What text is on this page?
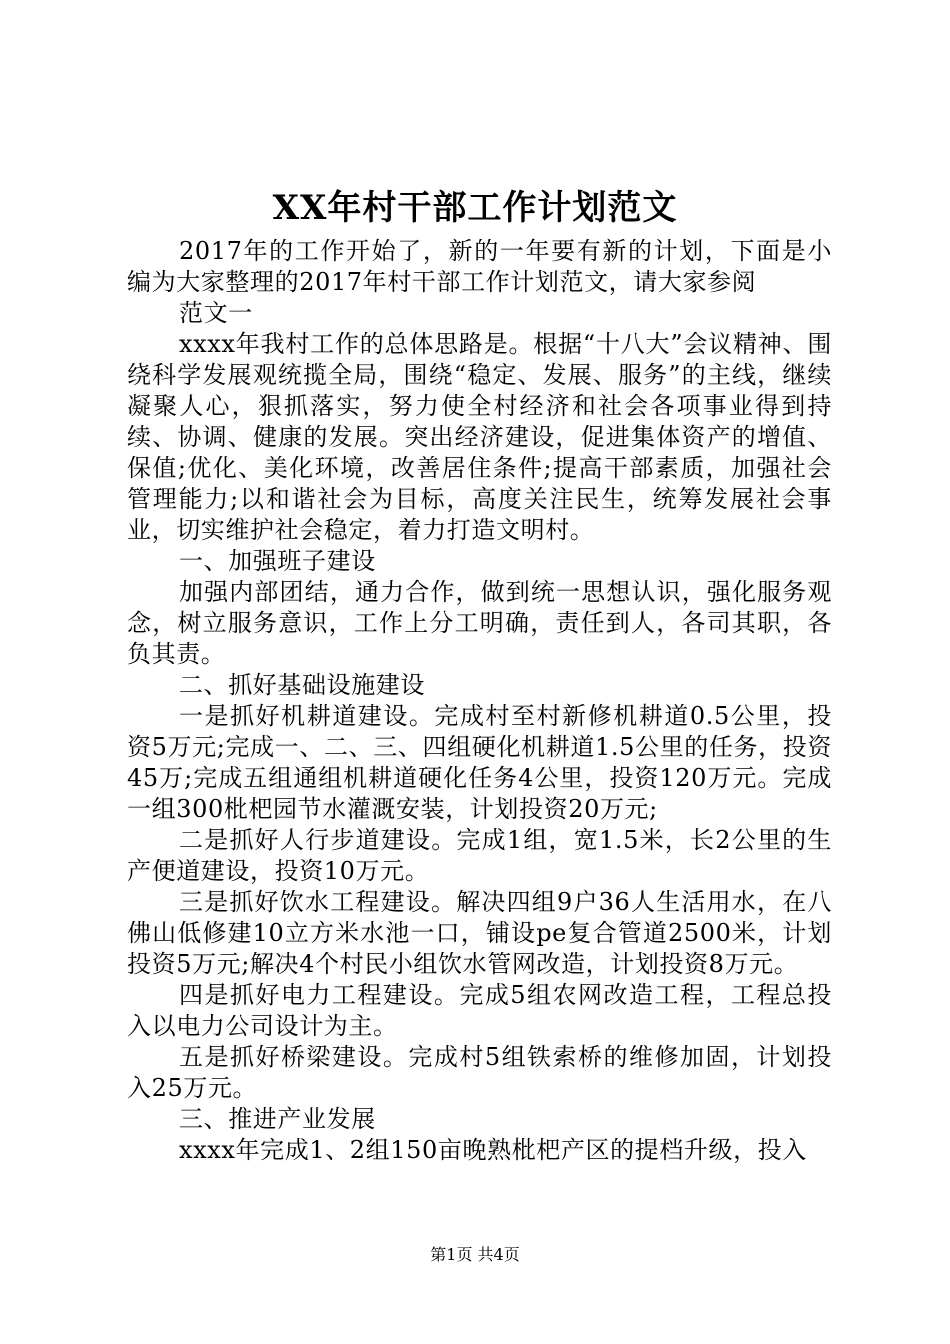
XX年村干部工作计划范文

2017年的工作开始了，新的一年要有新的计划，下面是小编为大家整理的2017年村干部工作计划范文，请大家参阅

范文一

xxxx年我村工作的总体思路是。根据“十八大”会议精神、围绕科学发展观统揽全局，围绕“稳定、发展、服务”的主线，继续凝聚人心，狠抓落实，努力使全村经济和社会各项事业得到持续、协调、健康的发展。突出经济建设，促进集体资产的增值、保值;优化、美化环境，改善居住条件;提高干部素质，加强社会管理能力;以和谐社会为目标，高度关注民生，统筹发展社会事业，切实维护社会稳定，着力打造文明村。

一、加强班子建设

加强内部团结，通力合作，做到统一思想认识，强化服务观念，树立服务意识，工作上分工明确，责任到人，各司其职，各负其责。

二、抓好基础设施建设

一是抓好机耕道建设。完成村至村新修机耕道0.5公里，投资5万元;完成一、二、三、四组硬化机耕道1.5公里的任务，投资45万;完成五组通组机耕道硬化任务4公里，投资120万元。完成一组300枇杷园节水灌溉安装，计划投资20万元;

二是抓好人行步道建设。完成1组，宽1.5米，长2公里的生产便道建设，投资10万元。

三是抓好饮水工程建设。解决四组9户36人生活用水，在八佛山低修建10立方米水池一口，铺设pe复合管道2500米，计划投资5万元;解决4个村民小组饮水管网改造，计划投资8万元。

四是抓好电力工程建设。完成5组农网改造工程，工程总投入以电力公司设计为主。

五是抓好桥梁建设。完成村5组铁索桥的维修加固，计划投入25万元。

三、推进产业发展

xxxx年完成1、2组150亩晚熟枇杷产区的提档升级，投入

第1页 共4页
